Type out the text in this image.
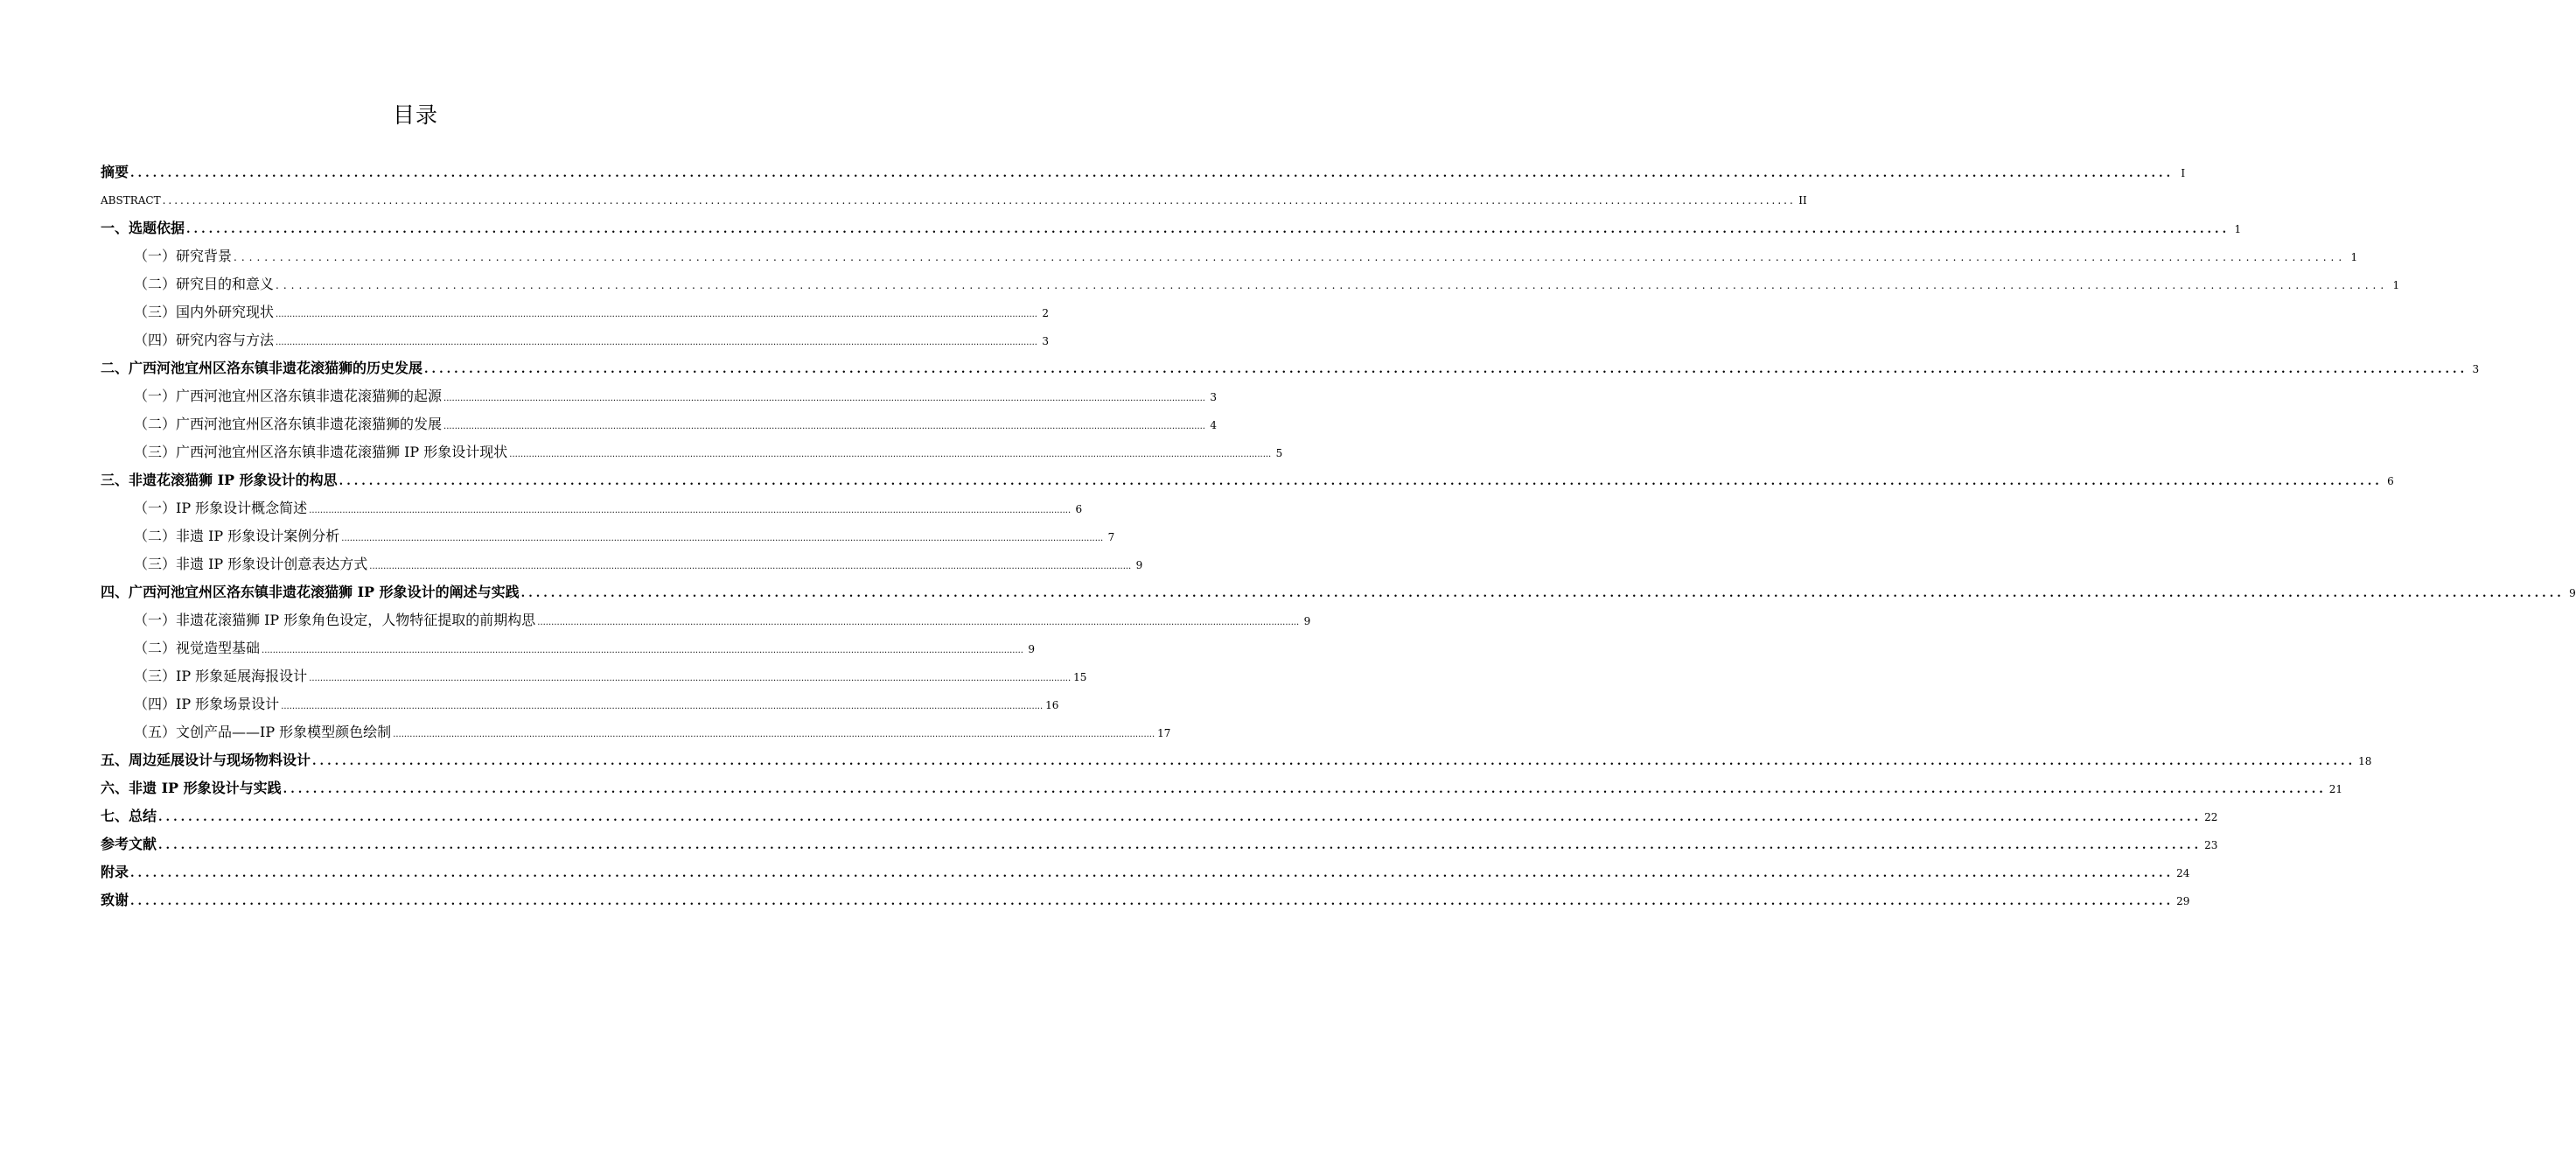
目录
摘要 .................................................................................................................................................................................................................................................................................. I
ABSTRACT .................................................................................................................................................................................................................................................................................. II
一、选题依据 .................................................................................................................................................................................................................................................................................. 1
（一）研究背景 .................................................................................................................................................................................................................................................................................. 1
（二）研究目的和意义 .................................................................................................................................................................................................................................................................................. 1
（三）国内外研究现状 .................................................................................................................................................................................................................................................................................. 2
（四）研究内容与方法 .................................................................................................................................................................................................................................................................................. 3
二、广西河池宜州区洛东镇非遗花滚猫狮的历史发展 .................................................................................................................................................................................................................................................................................. 3
（一）广西河池宜州区洛东镇非遗花滚猫狮的起源 .................................................................................................................................................................................................................................................................................. 3
（二）广西河池宜州区洛东镇非遗花滚猫狮的发展 .................................................................................................................................................................................................................................................................................. 4
（三）广西河池宜州区洛东镇非遗花滚猫狮 IP 形象设计现状 .................................................................................................................................................................................................................................................................................. 5
三、非遗花滚猫狮 IP 形象设计的构思 .................................................................................................................................................................................................................................................................................. 6
（一）IP 形象设计概念简述 .................................................................................................................................................................................................................................................................................. 6
（二）非遗 IP 形象设计案例分析 .................................................................................................................................................................................................................................................................................. 7
（三）非遗 IP 形象设计创意表达方式 .................................................................................................................................................................................................................................................................................. 9
四、广西河池宜州区洛东镇非遗花滚猫狮 IP 形象设计的阐述与实践 .................................................................................................................................................................................................................................................................................. 9
（一）非遗花滚猫狮 IP 形象角色设定，人物特征提取的前期构思 .................................................................................................................................................................................................................................................................................. 9
（二）视觉造型基础 .................................................................................................................................................................................................................................................................................. 9
（三）IP 形象延展海报设计 .................................................................................................................................................................................................................................................................................. 15
（四）IP 形象场景设计 .................................................................................................................................................................................................................................................................................. 16
（五）文创产品——IP 形象模型颜色绘制 .................................................................................................................................................................................................................................................................................. 17
五、周边延展设计与现场物料设计 .................................................................................................................................................................................................................................................................................. 18
六、非遗 IP 形象设计与实践 .................................................................................................................................................................................................................................................................................. 21
七、总结 .................................................................................................................................................................................................................................................................................. 22
参考文献 .................................................................................................................................................................................................................................................................................. 23
附录 .................................................................................................................................................................................................................................................................................. 24
致谢 .................................................................................................................................................................................................................................................................................. 29
